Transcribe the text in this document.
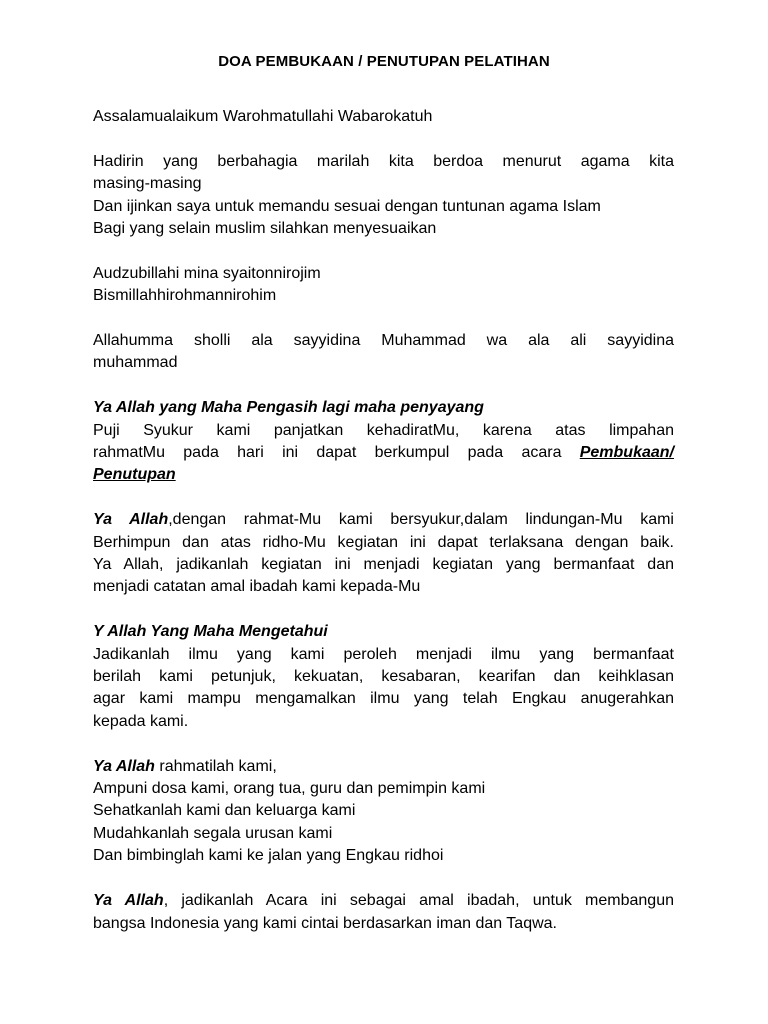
DOA PEMBUKAAN / PENUTUPAN PELATIHAN
Assalamualaikum Warohmatullahi Wabarokatuh
Hadirin yang berbahagia marilah kita berdoa menurut agama kita
masing-masing
Dan ijinkan saya untuk memandu sesuai dengan tuntunan agama Islam
Bagi yang selain muslim silahkan menyesuaikan
Audzubillahi mina syaitonnirojim
Bismillahhirohmannirohim
Allahumma sholli ala sayyidina Muhammad wa ala ali sayyidina
muhammad
Ya Allah yang Maha Pengasih lagi maha penyayang
Puji Syukur kami panjatkan kehadiratMu, karena atas limpahan
rahmatMu pada hari ini dapat berkumpul pada acara Pembukaan/
Penutupan
Ya Allah,dengan rahmat-Mu kami bersyukur,dalam lindungan-Mu kami
Berhimpun dan atas ridho-Mu kegiatan ini dapat terlaksana dengan baik.
Ya Allah, jadikanlah kegiatan ini menjadi kegiatan yang bermanfaat dan
menjadi catatan amal ibadah kami kepada-Mu
Y Allah Yang Maha Mengetahui
Jadikanlah ilmu yang kami peroleh menjadi ilmu yang bermanfaat
berilah kami petunjuk, kekuatan, kesabaran, kearifan dan keihklasan
agar kami mampu mengamalkan ilmu yang telah Engkau anugerahkan
kepada kami.
Ya Allah rahmatilah kami,
Ampuni dosa kami, orang tua, guru dan pemimpin kami
Sehatkanlah kami dan keluarga kami
Mudahkanlah segala urusan kami
Dan bimbinglah kami ke jalan yang Engkau ridhoi
Ya Allah, jadikanlah Acara ini sebagai amal ibadah, untuk membangun
bangsa Indonesia yang kami cintai berdasarkan iman dan Taqwa.
